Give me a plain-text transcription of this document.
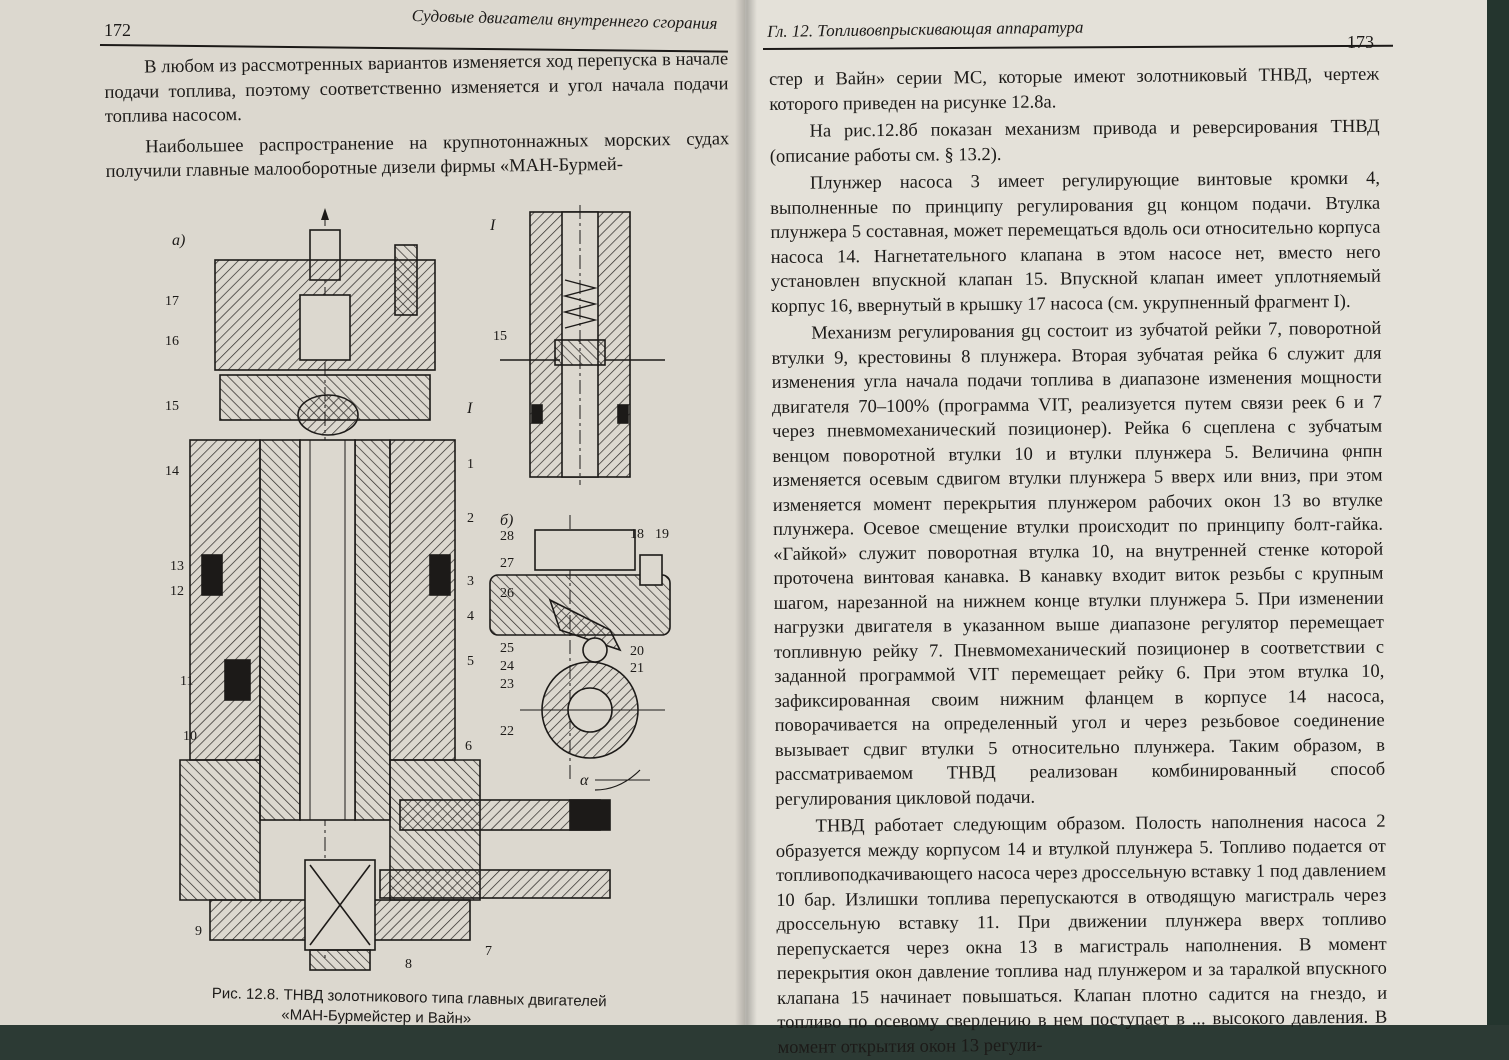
172	Судовые двигатели внутреннего сгорания

В любом из рассмотренных вариантов изменяется ход перепуска в начале подачи топлива, поэтому соответственно изменяется и угол начала подачи топлива насосом.

Наибольшее распространение на крупнотоннажных морских судах получили главные малооборотные дизели фирмы «МАН-Бурмей-

а)
б)
I
α
17
16
15
14
13
12
11
10
9
8
7
6
5
4
3
2
1
I
15
28
27
26
25
24
23
22
21
20
19
18
Рис. 12.8. ТНВД золотникового типа главных двигателей
«МАН-Бурмейстер и Вайн»
Гл. 12. Топливовпрыскивающая аппаратура
173

стер и Вайн» серии МС, которые имеют золотниковый ТНВД, чертеж которого приведен на рисунке 12.8а.

На рис.12.8б показан механизм привода и реверсирования ТНВД (описание работы см. § 13.2).

Плунжер насоса 3 имеет регулирующие винтовые кромки 4, выполненные по принципу регулирования gц концом подачи. Втулка плунжера 5 составная, может перемещаться вдоль оси относительно корпуса насоса 14. Нагнетательного клапана в этом насосе нет, вместо него установлен впускной клапан 15. Впускной клапан имеет уплотняемый корпус 16, ввернутый в крышку 17 насоса (см. укрупненный фрагмент I).

Механизм регулирования gц состоит из зубчатой рейки 7, поворотной втулки 9, крестовины 8 плунжера. Вторая зубчатая рейка 6 служит для изменения угла начала подачи топлива в диапазоне изменения мощности двигателя 70–100% (программа VIT, реализуется путем связи реек 6 и 7 через пневмомеханический позиционер). Рейка 6 сцеплена с зубчатым венцом поворотной втулки 10 и втулки плунжера 5. Величина φнпн изменяется осевым сдвигом втулки плунжера 5 вверх или вниз, при этом изменяется момент перекрытия плунжером рабочих окон 13 во втулке плунжера. Осевое смещение втулки происходит по принципу болт-гайка. «Гайкой» служит поворотная втулка 10, на внутренней стенке которой проточена винтовая канавка. В канавку входит виток резьбы с крупным шагом, нарезанной на нижнем конце втулки плунжера 5. При изменении нагрузки двигателя в указанном выше диапазоне регулятор перемещает топливную рейку 7. Пневмомеханический позиционер в соответствии с заданной программой VIT перемещает рейку 6. При этом втулка 10, зафиксированная своим нижним фланцем в корпусе 14 насоса, поворачивается на определенный угол и через резьбовое соединение вызывает сдвиг втулки 5 относительно плунжера. Таким образом, в рассматриваемом ТНВД реализован комбинированный способ регулирования цикловой подачи.

ТНВД работает следующим образом. Полость наполнения насоса 2 образуется между корпусом 14 и втулкой плунжера 5. Топливо подается от топливоподкачивающего насоса через дроссельную вставку 1 под давлением 10 бар. Излишки топлива перепускаются в отводящую магистраль через дроссельную вставку 11. При движении плунжера вверх топливо перепускается через окна 13 в магистраль наполнения. В момент перекрытия окон давление топлива над плунжером и за таралкой впускного клапана 15 начинает повышаться. Клапан плотно садится на гнездо, и топливо по осевому сверлению в нем поступает в ... высокого давления. В момент открытия окон 13 регули-
